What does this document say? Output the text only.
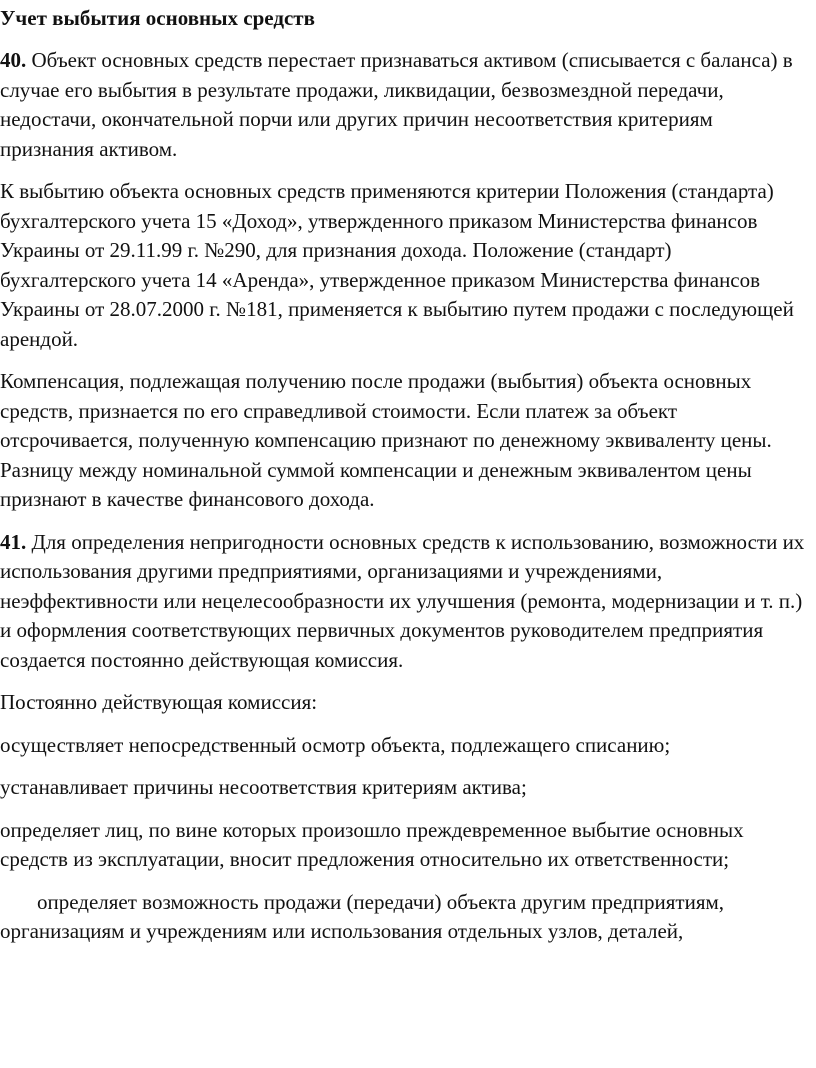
Учет выбытия основных средств

40. Объект основных средств перестает признаваться активом (списывается с баланса) в случае его выбытия в результате продажи, ликвидации, безвозмездной передачи, недостачи, окончательной порчи или других причин несоответствия критериям признания активом.

К выбытию объекта основных средств применяются критерии Положения (стандарта) бухгалтерского учета 15 «Доход», утвержденного приказом Министерства финансов Украины от 29.11.99 г. №290, для признания дохода. Положение (стандарт) бухгалтерского учета 14 «Аренда», утвержденное приказом Министерства финансов Украины от 28.07.2000 г. №181, применяется к выбытию путем продажи с последующей арендой.

Компенсация, подлежащая получению после продажи (выбытия) объекта основных средств, признается по его справедливой стоимости. Если платеж за объект отсрочивается, полученную компенсацию признают по денежному эквиваленту цены. Разницу между номинальной суммой компенсации и денежным эквивалентом цены признают в качестве финансового дохода.

41. Для определения непригодности основных средств к использованию, возможности их использования другими предприятиями, организациями и учреждениями, неэффективности или нецелесообразности их улучшения (ремонта, модернизации и т. п.) и оформления соответствующих первичных документов руководителем предприятия создается постоянно действующая комиссия.

Постоянно действующая комиссия:

осуществляет непосредственный осмотр объекта, подлежащего списанию;

устанавливает причины несоответствия критериям актива;

определяет лиц, по вине которых произошло преждевременное выбытие основных средств из эксплуатации, вносит предложения относительно их ответственности;

определяет возможность продажи (передачи) объекта другим предприятиям, организациям и учреждениям или использования отдельных узлов, деталей,
